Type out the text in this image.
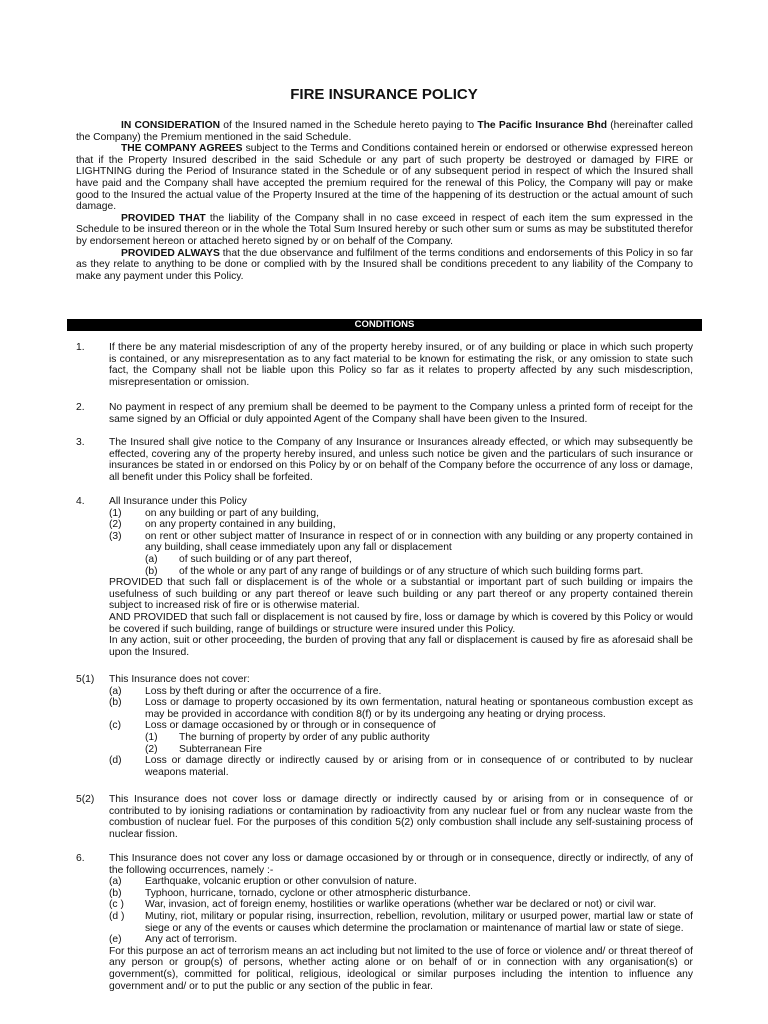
FIRE INSURANCE POLICY

IN CONSIDERATION of the Insured named in the Schedule hereto paying to The Pacific Insurance Bhd (hereinafter called the Company) the Premium mentioned in the said Schedule.

THE COMPANY AGREES subject to the Terms and Conditions contained herein or endorsed or otherwise expressed hereon that if the Property Insured described in the said Schedule or any part of such property be destroyed or damaged by FIRE or LIGHTNING during the Period of Insurance stated in the Schedule or of any subsequent period in respect of which the Insured shall have paid and the Company shall have accepted the premium required for the renewal of this Policy, the Company will pay or make good to the Insured the actual value of the Property Insured at the time of the happening of its destruction or the actual amount of such damage.

PROVIDED THAT the liability of the Company shall in no case exceed in respect of each item the sum expressed in the Schedule to be insured thereon or in the whole the Total Sum Insured hereby or such other sum or sums as may be substituted therefor by endorsement hereon or attached hereto signed by or on behalf of the Company.

PROVIDED ALWAYS that the due observance and fulfilment of the terms conditions and endorsements of this Policy in so far as they relate to anything to be done or complied with by the Insured shall be conditions precedent to any liability of the Company to make any payment under this Policy.

CONDITIONS
1.	If there be any material misdescription of any of the property hereby insured, or of any building or place in which such property is contained, or any misrepresentation as to any fact material to be known for estimating the risk, or any omission to state such fact, the Company shall not be liable upon this Policy so far as it relates to property affected by any such misdescription, misrepresentation or omission.

2.	No payment in respect of any premium shall be deemed to be payment to the Company unless a printed form of receipt for the same signed by an Official or duly appointed Agent of the Company shall have been given to the Insured.

3.	The Insured shall give notice to the Company of any Insurance or Insurances already effected, or which may subsequently be effected, covering any of the property hereby insured, and unless such notice be given and the particulars of such insurance or insurances be stated in or endorsed on this Policy by or on behalf of the Company before the occurrence of any loss or damage, all benefit under this Policy shall be forfeited.

4.	All Insurance under this Policy

(1)	on any building or part of any building,
(2)	on any property contained in any building,
(3)	on rent or other subject matter of Insurance in respect of or in connection with any building or any property contained in any building, shall cease immediately upon any fall or displacement
(a)	of such building or of any part thereof,
(b)	of the whole or any part of any range of buildings or of any structure of which such building forms part.

PROVIDED that such fall or displacement is of the whole or a substantial or important part of such building or impairs the usefulness of such building or any part thereof or leave such building or any part thereof or any property contained therein subject to increased risk of fire or is otherwise material.

AND PROVIDED that such fall or displacement is not caused by fire, loss or damage by which is covered by this Policy or would be covered if such building, range of buildings or structure were insured under this Policy.

In any action, suit or other proceeding, the burden of proving that any fall or displacement is caused by fire as aforesaid shall be upon the Insured.

5(1)	This Insurance does not cover:

(a)	Loss by theft during or after the occurrence of a fire.
(b)	Loss or damage to property occasioned by its own fermentation, natural heating or spontaneous combustion except as may be provided in accordance with condition 8(f) or by its undergoing any heating or drying process.
(c)	Loss or damage occasioned by or through or in consequence of
(1)	The burning of property by order of any public authority
(2)	Subterranean Fire
(d)	Loss or damage directly or indirectly caused by or arising from or in consequence of or contributed to by nuclear weapons material.
5(2)	This Insurance does not cover loss or damage directly or indirectly caused by or arising from or in consequence of or contributed to by ionising radiations or contamination by radioactivity from any nuclear fuel or from any nuclear waste from the combustion of nuclear fuel. For the purposes of this condition 5(2) only combustion shall include any self-sustaining process of nuclear fission.

6.	This Insurance does not cover any loss or damage occasioned by or through or in consequence, directly or indirectly, of any of the following occurrences, namely :-

(a)	Earthquake, volcanic eruption or other convulsion of nature.
(b)	Typhoon, hurricane, tornado, cyclone or other atmospheric disturbance.
(c )	War, invasion, act of foreign enemy, hostilities or warlike operations (whether war be declared or not) or civil war.
(d )	Mutiny, riot, military or popular rising, insurrection, rebellion, revolution, military or usurped power, martial law or state of siege or any of the events or causes which determine the proclamation or maintenance of martial law or state of siege.
(e)	Any act of terrorism.

For this purpose an act of terrorism means an act including but not limited to the use of force or violence and/ or threat thereof of any person or group(s) of persons, whether acting alone or on behalf of or in connection with any organisation(s) or government(s), committed for political, religious, ideological or similar purposes including the intention to influence any government and/ or to put the public or any section of the public in fear.
